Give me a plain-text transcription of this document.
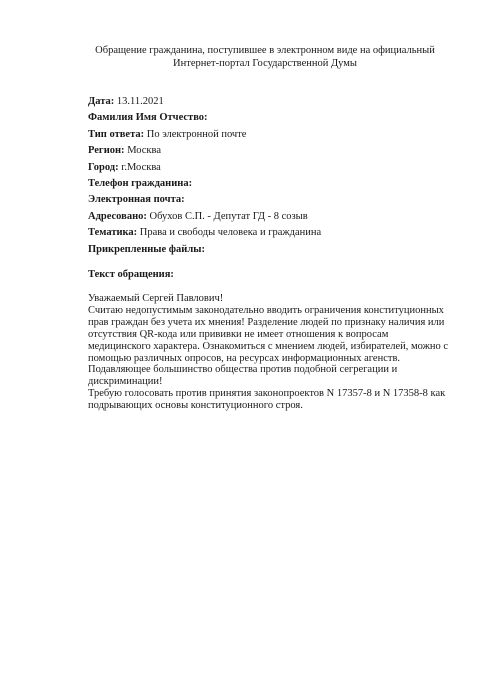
Обращение гражданина, поступившее в электронном виде на официальный
Интернет-портал Государственной Думы
Дата: 13.11.2021
Фамилия Имя Отчество:
Тип ответа: По электронной почте
Регион: Москва
Город: г.Москва
Телефон гражданина:
Электронная почта:
Адресовано: Обухов С.П. - Депутат ГД - 8 созыв
Тематика: Права и свободы человека и гражданина
Прикрепленные файлы:
Текст обращения:
Уважаемый Сергей Павлович!
Считаю недопустимым законодательно вводить ограничения конституционных
прав граждан без учета их мнения! Разделение людей по признаку наличия или
отсутствия QR-кода или прививки не имеет отношения к вопросам
медицинского характера. Ознакомиться с мнением людей, избирателей, можно с
помощью различных опросов, на ресурсах информационных агенств.
Подавляющее большинство общества против подобной сегрегации и
дискриминации!
Требую голосовать против принятия законопроектов N 17357-8 и N 17358-8 как
подрывающих основы конституционного строя.
